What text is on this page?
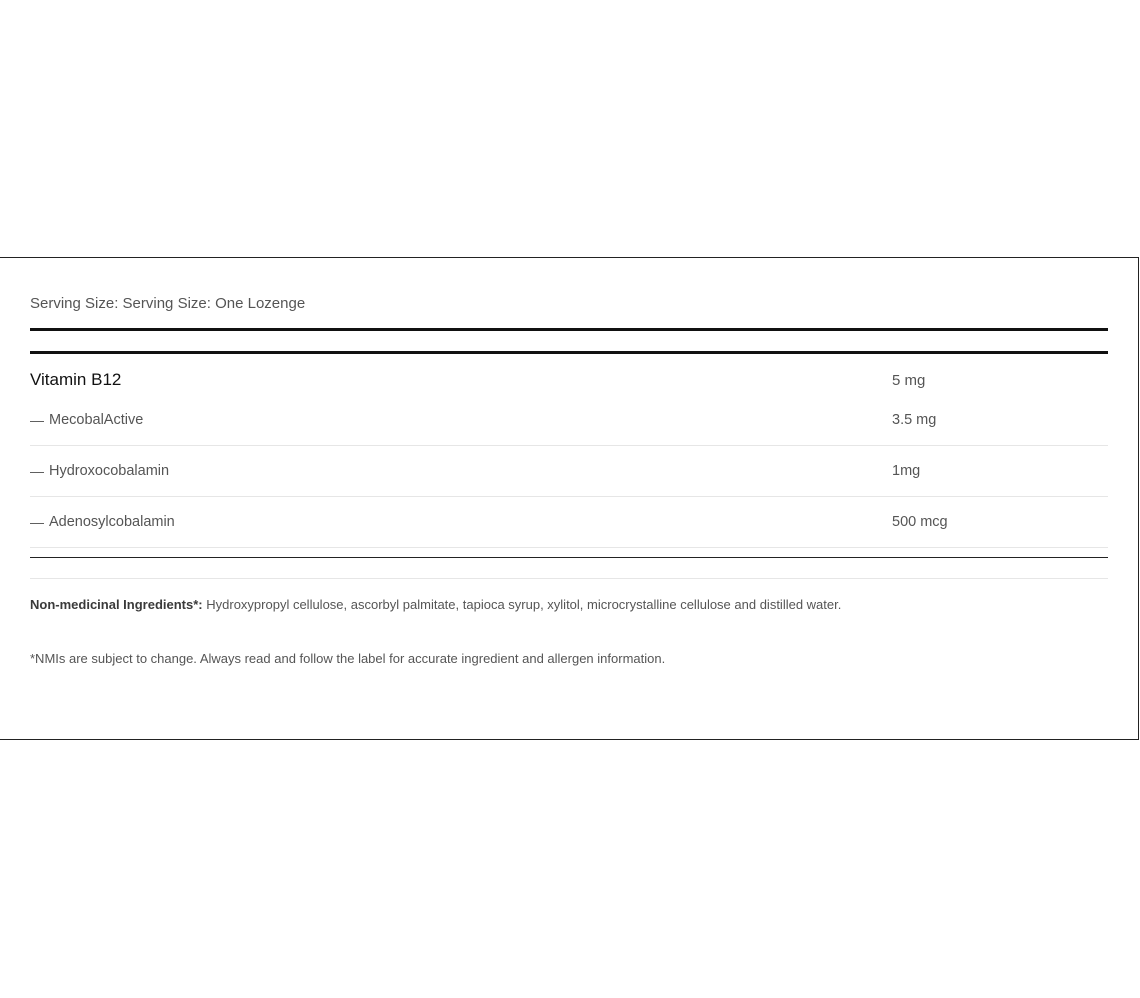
Serving Size: Serving Size: One Lozenge
Vitamin B12	5 mg
— MecobalActive	3.5 mg
— Hydroxocobalamin	1mg
— Adenosylcobalamin	500 mcg
Non-medicinal Ingredients*: Hydroxypropyl cellulose, ascorbyl palmitate, tapioca syrup, xylitol, microcrystalline cellulose and distilled water.
*NMIs are subject to change. Always read and follow the label for accurate ingredient and allergen information.
